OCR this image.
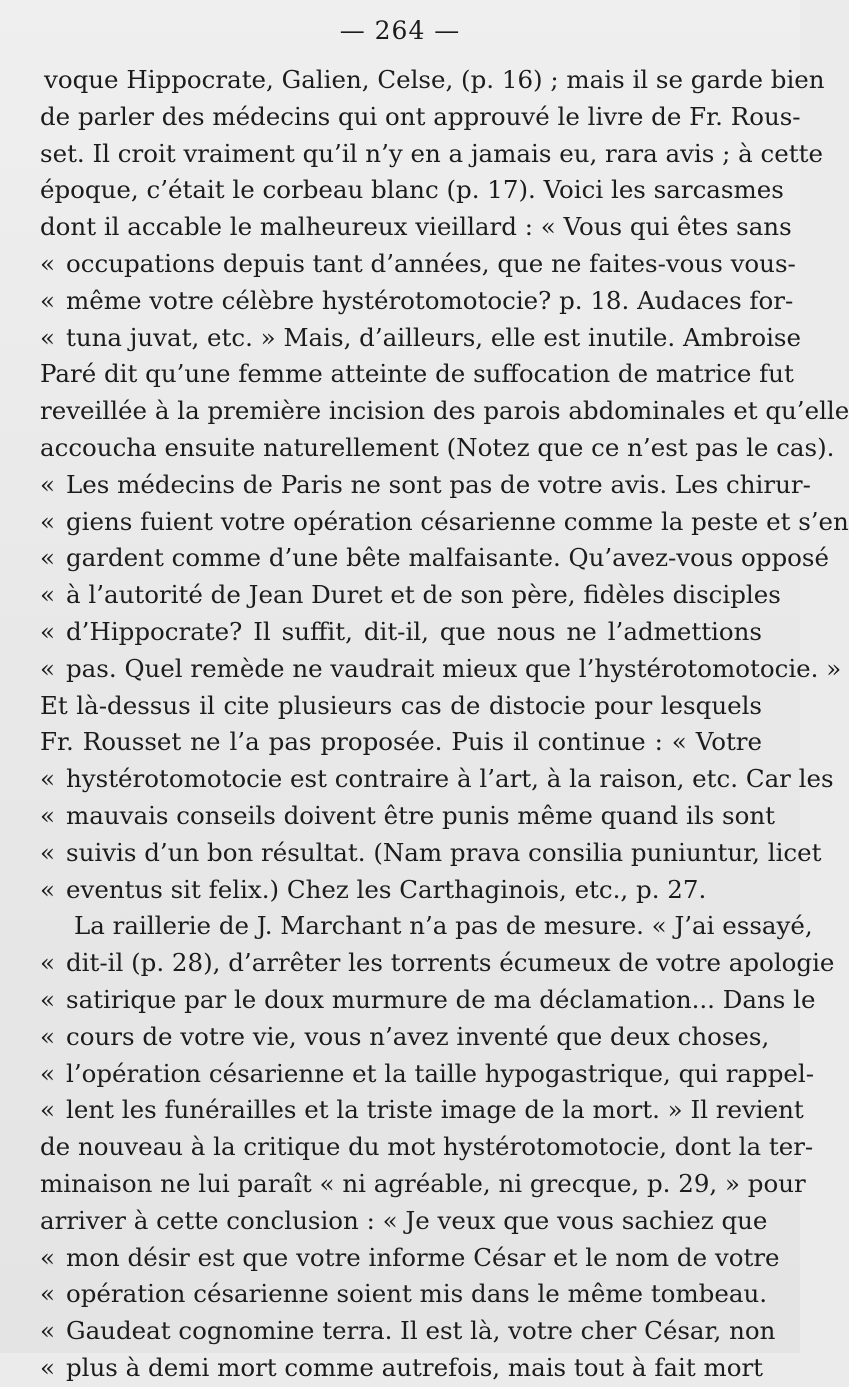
— 264 —
voque Hippocrate, Galien, Celse, (p. 16) ; mais il se garde bien
de parler des médecins qui ont approuvé le livre de Fr. Rous-
set. Il croit vraiment qu’il n’y en a jamais eu, rara avis ; à cette
époque, c’était le corbeau blanc (p. 17). Voici les sarcasmes
dont il accable le malheureux vieillard : « Vous qui êtes sans
« occupations depuis tant d’années, que ne faites-vous vous-
« même votre célèbre hystérotomotocie? p. 18. Audaces for-
« tuna juvat, etc. » Mais, d’ailleurs, elle est inutile. Ambroise
Paré dit qu’une femme atteinte de suffocation de matrice fut
reveillée à la première incision des parois abdominales et qu’elle
accoucha ensuite naturellement (Notez que ce n’est pas le cas).
« Les médecins de Paris ne sont pas de votre avis. Les chirur-
« giens fuient votre opération césarienne comme la peste et s’en
« gardent comme d’une bête malfaisante. Qu’avez-vous opposé
« à l’autorité de Jean Duret et de son père, fidèles disciples
« d’Hippocrate? Il suffit, dit-il, que nous ne l’admettions
« pas. Quel remède ne vaudrait mieux que l’hystérotomotocie. »
Et là-dessus il cite plusieurs cas de distocie pour lesquels
Fr. Rousset ne l’a pas proposée. Puis il continue : « Votre
« hystérotomotocie est contraire à l’art, à la raison, etc. Car les
« mauvais conseils doivent être punis même quand ils sont
« suivis d’un bon résultat. (Nam prava consilia puniuntur, licet
« eventus sit felix.) Chez les Carthaginois, etc., p. 27.
La raillerie de J. Marchant n’a pas de mesure. « J’ai essayé,
« dit-il (p. 28), d’arrêter les torrents écumeux de votre apologie
« satirique par le doux murmure de ma déclamation... Dans le
« cours de votre vie, vous n’avez inventé que deux choses,
« l’opération césarienne et la taille hypogastrique, qui rappel-
« lent les funérailles et la triste image de la mort. » Il revient
de nouveau à la critique du mot hystérotomotocie, dont la ter-
minaison ne lui paraît « ni agréable, ni grecque, p. 29, » pour
arriver à cette conclusion : « Je veux que vous sachiez que
« mon désir est que votre informe César et le nom de votre
« opération césarienne soient mis dans le même tombeau.
« Gaudeat cognomine terra. Il est là, votre cher César, non
« plus à demi mort comme autrefois, mais tout à fait mort
